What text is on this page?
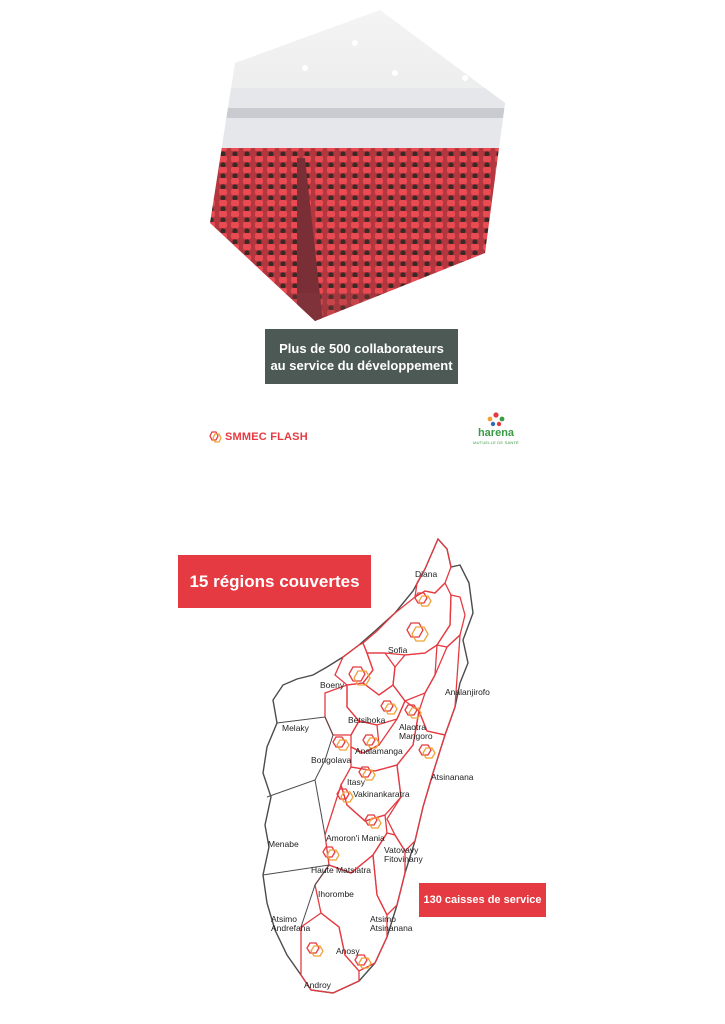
Plus de 500 collaborateurs
au service du développement
SMMEC FLASH	harena
MUTUELLE DE SANTÉ
15 régions couvertes	Diana
Sofia
Boeny
Analanjirofo
Betsiboka
Melaky	Alaotra Mangoro
Analamanga
Bongolava
Atsinanana
Itasy
Vakinankaratra
Amoron'i Mania
Menabe
Vatovavy Fitovinany
Haute Matsiatra
Ihorombe
Atsimo Andrefana
Atsimo Atsinanana
Anosy
Androy
130 caisses de service
